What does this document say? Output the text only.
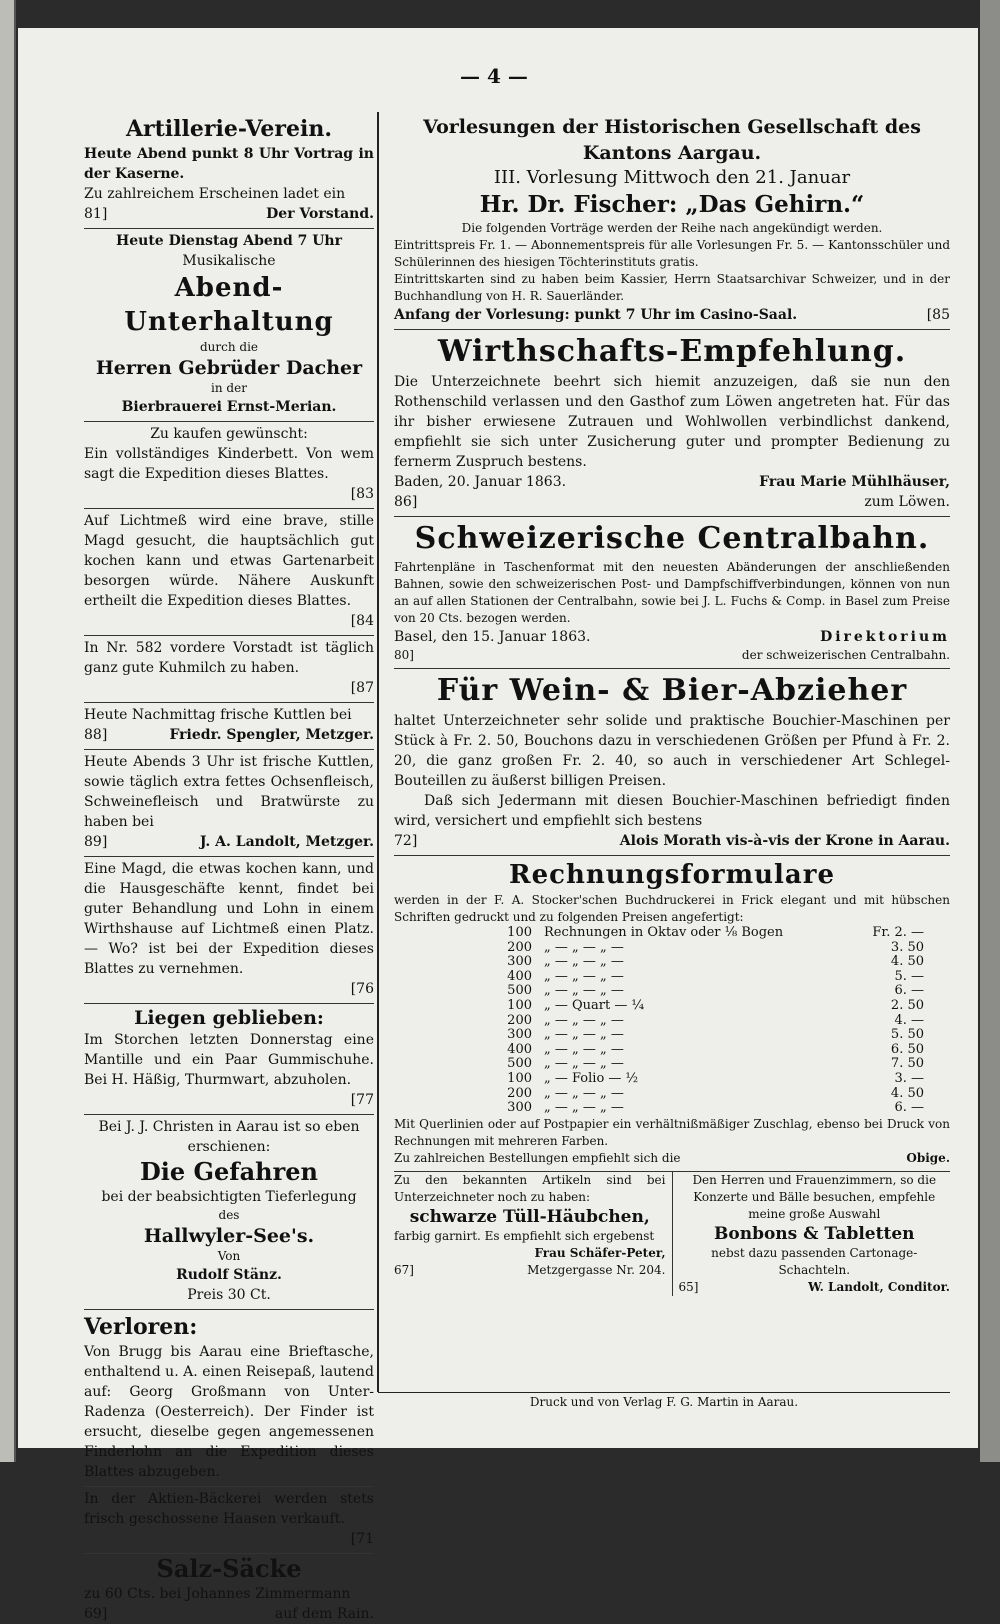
— 4 —
Artillerie-Verein.
Heute Abend punkt 8 Uhr Vortrag in der Kaserne.
Zu zahlreichem Erscheinen ladet ein
81]	Der Vorstand.
Heute Dienstag Abend 7 Uhr
Musikalische
Abend-Unterhaltung
durch die
Herren Gebrüder Dacher
in der
Bierbrauerei Ernst-Merian.
Zu kaufen gewünscht:
Ein vollständiges Kinderbett. Von wem sagt die Expedition dieses Blattes.
[83
Auf Lichtmeß wird eine brave, stille Magd gesucht, die hauptsächlich gut kochen kann und etwas Gartenarbeit besorgen würde. Nähere Auskunft ertheilt die Expedition dieses Blattes.
[84
In Nr. 582 vordere Vorstadt ist täglich ganz gute Kuhmilch zu haben.
[87
Heute Nachmittag frische Kuttlen bei
88]	Friedr. Spengler, Metzger.
Heute Abends 3 Uhr ist frische Kuttlen, sowie täglich extra fettes Ochsenfleisch, Schweinefleisch und Bratwürste zu haben bei
89]	J. A. Landolt, Metzger.
Eine Magd, die etwas kochen kann, und die Hausgeschäfte kennt, findet bei guter Behandlung und Lohn in einem Wirthshause auf Lichtmeß einen Platz. — Wo? ist bei der Expedition dieses Blattes zu vernehmen.
[76
Liegen geblieben:
Im Storchen letzten Donnerstag eine Mantille und ein Paar Gummischuhe. Bei H. Häßig, Thurmwart, abzuholen.
[77
Bei J. J. Christen in Aarau ist so eben erschienen:
Die Gefahren
bei der beabsichtigten Tieferlegung
des
Hallwyler-See's.
Von
Rudolf Stänz.
Preis 30 Ct.
Verloren:
Von Brugg bis Aarau eine Brieftasche, enthaltend u. A. einen Reisepaß, lautend auf: Georg Großmann von Unter-Radenza (Oesterreich). Der Finder ist ersucht, dieselbe gegen angemessenen Finderlohn an die Expedition dieses Blattes abzugeben.
In der Aktien-Bäckerei werden stets frisch geschossene Haasen verkauft.
[71
Salz-Säcke
zu 60 Cts. bei Johannes Zimmermann
69]	auf dem Rain.
Vorlesungen der Historischen Gesellschaft des Kantons Aargau.
III. Vorlesung Mittwoch den 21. Januar
Hr. Dr. Fischer: „Das Gehirn.“
Die folgenden Vorträge werden der Reihe nach angekündigt werden.
Eintrittspreis Fr. 1. — Abonnementspreis für alle Vorlesungen Fr. 5. — Kantonsschüler und Schülerinnen des hiesigen Töchterinstituts gratis.
Eintrittskarten sind zu haben beim Kassier, Herrn Staatsarchivar Schweizer, und in der Buchhandlung von H. R. Sauerländer.
Anfang der Vorlesung: punkt 7 Uhr im Casino-Saal.	[85
Wirthschafts-Empfehlung.
Die Unterzeichnete beehrt sich hiemit anzuzeigen, daß sie nun den Rothenschild verlassen und den Gasthof zum Löwen angetreten hat. Für das ihr bisher erwiesene Zutrauen und Wohlwollen verbindlichst dankend, empfiehlt sie sich unter Zusicherung guter und prompter Bedienung zu fernerm Zuspruch bestens.
Baden, 20. Januar 1863.	Frau Marie Mühlhäuser,
86]	zum Löwen.
Schweizerische Centralbahn.
Fahrtenpläne in Taschenformat mit den neuesten Abänderungen der anschließenden Bahnen, sowie den schweizerischen Post- und Dampfschiffverbindungen, können von nun an auf allen Stationen der Centralbahn, sowie bei J. L. Fuchs & Comp. in Basel zum Preise von 20 Cts. bezogen werden.
Basel, den 15. Januar 1863.	Direktorium
80]	der schweizerischen Centralbahn.
Für Wein- & Bier-Abzieher
haltet Unterzeichneter sehr solide und praktische Bouchier-Maschinen per Stück à Fr. 2. 50, Bouchons dazu in verschiedenen Größen per Pfund à Fr. 2. 20, die ganz großen Fr. 2. 40, so auch in verschiedener Art Schlegel-Bouteillen zu äußerst billigen Preisen.
Daß sich Jedermann mit diesen Bouchier-Maschinen befriedigt finden wird, versichert und empfiehlt sich bestens
72]	Alois Morath vis-à-vis der Krone in Aarau.
Rechnungsformulare
werden in der F. A. Stocker'schen Buchdruckerei in Frick elegant und mit hübschen Schriften gedruckt und zu folgenden Preisen angefertigt:
100 Rechnungen in Oktav oder ⅛ Bogen	Fr. 2. —
200 „ — „ — „ —	3. 50
300 „ — „ — „ —	4. 50
400 „ — „ — „ —	5. —
500 „ — „ — „ —	6. —
100 „ — Quart — ¼	2. 50
200 „ — „ — „ —	4. —
300 „ — „ — „ —	5. 50
400 „ — „ — „ —	6. 50
500 „ — „ — „ —	7. 50
100 „ — Folio — ½	3. —
200 „ — „ — „ —	4. 50
300 „ — „ — „ —	6. —
Mit Querlinien oder auf Postpapier ein verhältnißmäßiger Zuschlag, ebenso bei Druck von Rechnungen mit mehreren Farben.
Zu zahlreichen Bestellungen empfiehlt sich die	Obige.
Zu den bekannten Artikeln sind bei Unterzeichneter noch zu haben:
schwarze Tüll-Häubchen,
farbig garnirt. Es empfiehlt sich ergebenst
Frau Schäfer-Peter,
67]	Metzgergasse Nr. 204.
Den Herren und Frauenzimmern, so die Konzerte und Bälle besuchen, empfehle meine große Auswahl
Bonbons & Tabletten
nebst dazu passenden Cartonage-Schachteln.
65]	W. Landolt, Conditor.
Druck und von Verlag F. G. Martin in Aarau.
